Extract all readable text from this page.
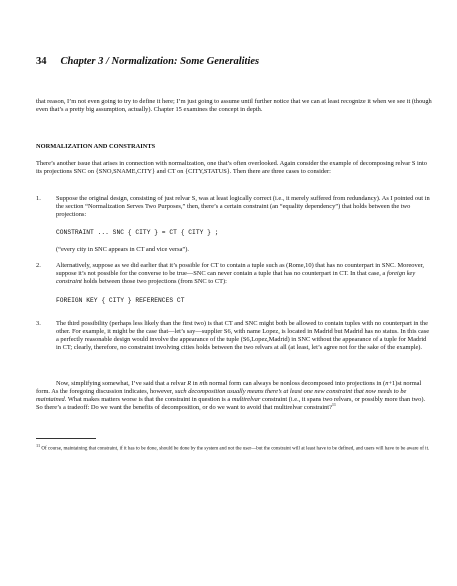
34 Chapter 3 / Normalization: Some Generalities
that reason, I’m not even going to try to define it here; I’m just going to assume until further notice that we can at least recognize it when we see it (though even that’s a pretty big assumption, actually). Chapter 15 examines the concept in depth.
NORMALIZATION AND CONSTRAINTS
There’s another issue that arises in connection with normalization, one that’s often overlooked. Again consider the example of decomposing relvar S into its projections SNC on {SNO,SNAME,CITY} and CT on {CITY,STATUS}. Then there are three cases to consider:
1.	Suppose the original design, consisting of just relvar S, was at least logically correct (i.e., it merely suffered from redundancy). As I pointed out in the section “Normalization Serves Two Purposes,” then, there’s a certain constraint (an “equality dependency”) that holds between the two projections:
CONSTRAINT ... SNC { CITY } = CT { CITY } ;
(“every city in SNC appears in CT and vice versa”).
2.	Alternatively, suppose as we did earlier that it’s possible for CT to contain a tuple such as (Rome,10) that has no counterpart in SNC. Moreover, suppose it’s not possible for the converse to be true—SNC can never contain a tuple that has no counterpart in CT. In that case, a foreign key constraint holds between those two projections (from SNC to CT):
FOREIGN KEY { CITY } REFERENCES CT
3.	The third possibility (perhaps less likely than the first two) is that CT and SNC might both be allowed to contain tuples with no counterpart in the other. For example, it might be the case that—let’s say—supplier S6, with name Lopez, is located in Madrid but Madrid has no status. In this case a perfectly reasonable design would involve the appearance of the tuple (S6,Lopez,Madrid) in SNC without the appearance of a tuple for Madrid in CT; clearly, therefore, no constraint involving cities holds between the two relvars at all (at least, let’s agree not for the sake of the example).
Now, simplifying somewhat, I’ve said that a relvar R in nth normal form can always be nonloss decomposed into projections in (n+1)st normal form. As the foregoing discussion indicates, however, such decomposition usually means there’s at least one new constraint that now needs to be maintained. What makes matters worse is that the constraint in question is a multirelvar constraint (i.e., it spans two relvars, or possibly more than two). So there’s a tradeoff: Do we want the benefits of decomposition, or do we want to avoid that multirelvar constraint?$^{11}$
$^{11}$ Of course, maintaining that constraint, if it has to be done, should be done by the system and not the user—but the constraint will at least have to be defined, and users will have to be aware of it.
